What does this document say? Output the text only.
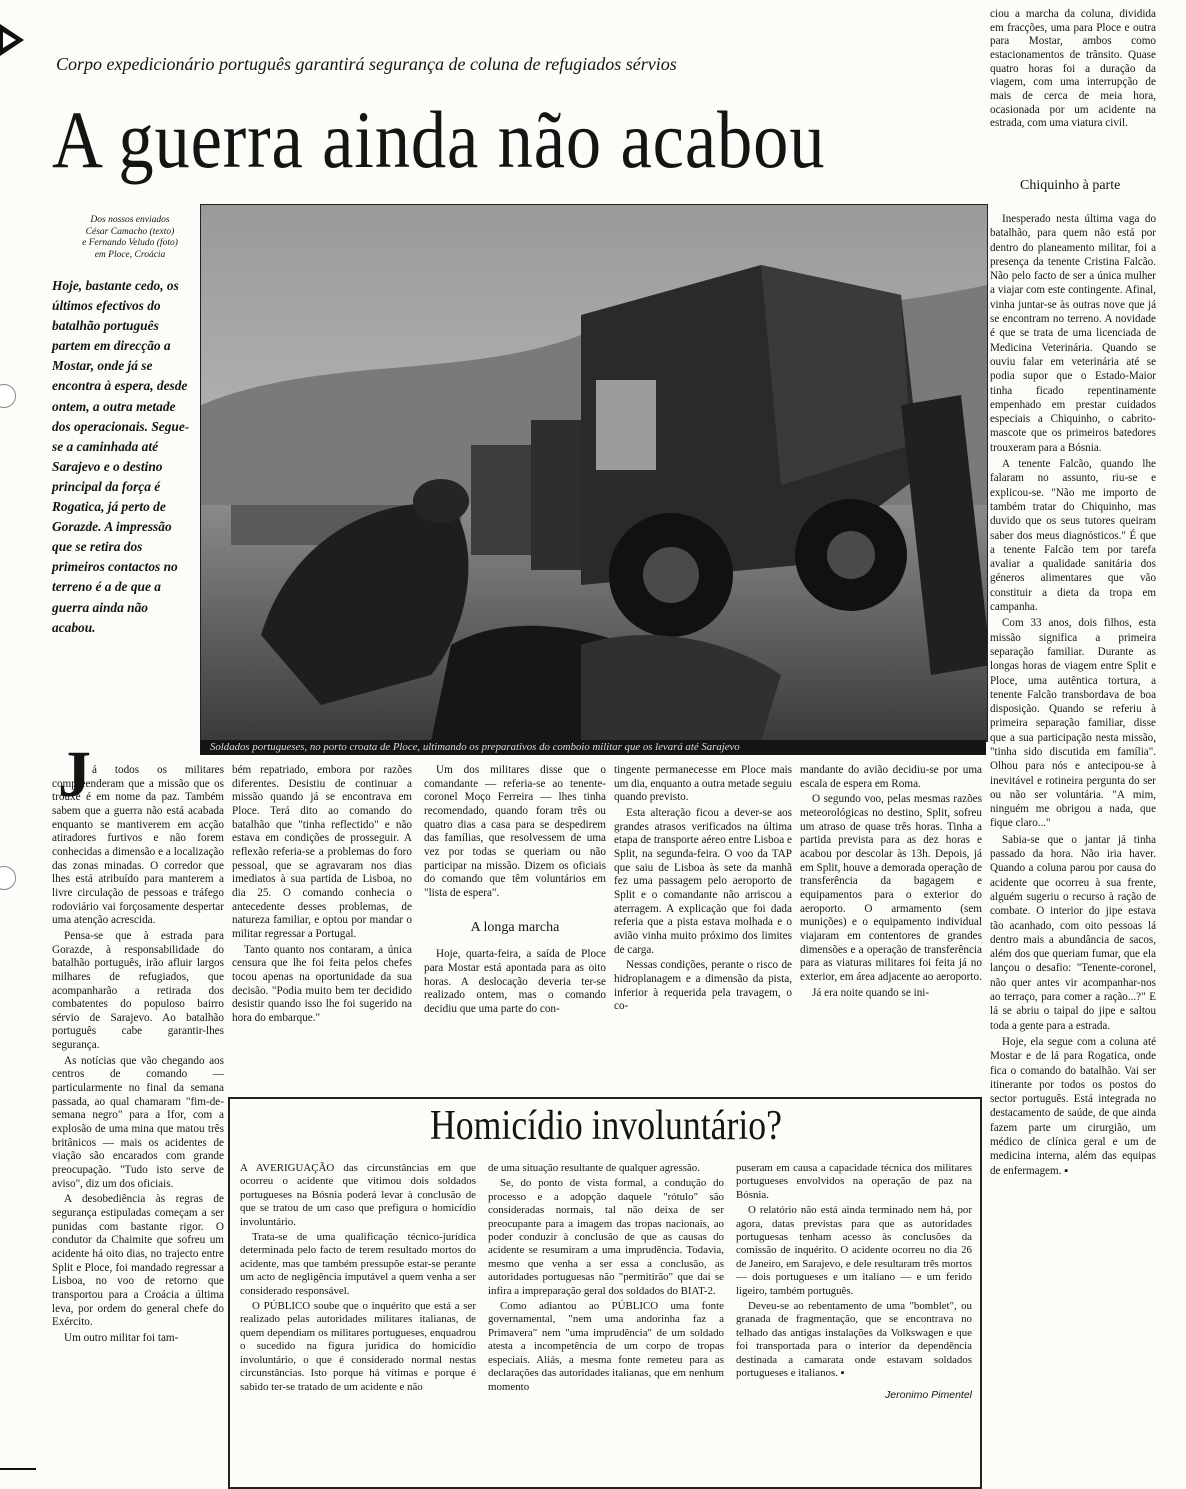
Corpo expedicionário português garantirá segurança de coluna de refugiados sérvios
A guerra ainda não acabou
Dos nossos enviados
César Camacho (texto)
e Fernando Veludo (foto)
em Ploce, Croácia
Hoje, bastante cedo, os últimos efectivos do batalhão português partem em direcção a Mostar, onde já se encontra à espera, desde ontem, a outra metade dos operacionais. Segue-se a caminhada até Sarajevo e o destino principal da força é Rogatica, já perto de Gorazde. A impressão que se retira dos primeiros contactos no terreno é a de que a guerra ainda não acabou.
Soldados portugueses, no porto croata de Ploce, ultimando os preparativos do comboio militar que os levará até Sarajevo
J á todos os militares compreenderam que a missão que os trouxe é em nome da paz. Também sabem que a guerra não está acabada enquanto se mantiverem em acção atiradores furtivos e não forem conhecidas a dimensão e a localização das zonas minadas. O corredor que lhes está atribuído para manterem a livre circulação de pessoas e tráfego rodoviário vai forçosamente despertar uma atenção acrescida.

Pensa-se que à estrada para Gorazde, à responsabilidade do batalhão português, irão afluir largos milhares de refugiados, que acompanharão a retirada dos combatentes do populoso bairro sérvio de Sarajevo. Ao batalhão português cabe garantir-lhes segurança.

As notícias que vão chegando aos centros de comando —particularmente no final da semana passada, ao qual chamaram "fim-de-semana negro" para a Ifor, com a explosão de uma mina que matou três britânicos — mais os acidentes de viação são encarados com grande preocupação. "Tudo isto serve de aviso", diz um dos oficiais.

A desobediência às regras de segurança estipuladas começam a ser punidas com bastante rigor. O condutor da Chaimite que sofreu um acidente há oito dias, no trajecto entre Split e Ploce, foi mandado regressar a Lisboa, no voo de retorno que transportou para a Croácia a última leva, por ordem do general chefe do Exército.

Um outro militar foi tam-

bém repatriado, embora por razões diferentes. Desistiu de continuar a missão quando já se encontrava em Ploce. Terá dito ao comando do batalhão que "tinha reflectido" e não estava em condições de prosseguir. A reflexão referia-se a problemas do foro pessoal, que se agravaram nos dias imediatos à sua partida de Lisboa, no dia 25. O comando conhecia o antecedente desses problemas, de natureza familiar, e optou por mandar o militar regressar a Portugal.

Tanto quanto nos contaram, a única censura que lhe foi feita pelos chefes tocou apenas na oportunidade da sua decisão. "Podia muito bem ter decidido desistir quando isso lhe foi sugerido na hora do embarque."

Um dos militares disse que o comandante — referia-se ao tenente-coronel Moço Ferreira — lhes tinha recomendado, quando foram três ou quatro dias a casa para se despedirem das famílias, que resolvessem de uma vez por todas se queriam ou não participar na missão. Dizem os oficiais do comando que têm voluntários em "lista de espera".

A longa marcha

Hoje, quarta-feira, a saída de Ploce para Mostar está apontada para as oito horas. A deslocação deveria ter-se realizado ontem, mas o comando decidiu que uma parte do con-

tingente permanecesse em Ploce mais um dia, enquanto a outra metade seguiu quando previsto.

Esta alteração ficou a dever-se aos grandes atrasos verificados na última etapa de transporte aéreo entre Lisboa e Split, na segunda-feira. O voo da TAP que saiu de Lisboa às sete da manhã fez uma passagem pelo aeroporto de Split e o comandante não arriscou a aterragem. A explicação que foi dada referia que a pista estava molhada e o avião vinha muito próximo dos limites de carga.

Nessas condições, perante o risco de hidroplanagem e a dimensão da pista, inferior à requerida pela travagem, o co-

mandante do avião decidiu-se por uma escala de espera em Roma.

O segundo voo, pelas mesmas razões meteorológicas no destino, Split, sofreu um atraso de quase três horas. Tinha a partida prevista para as dez horas e acabou por descolar às 13h. Depois, já em Split, houve a demorada operação de transferência da bagagem e equipamentos para o exterior do aeroporto. O armamento (sem munições) e o equipamento individual viajaram em contentores de grandes dimensões e a operação de transferência para as viaturas militares foi feita já no exterior, em área adjacente ao aeroporto.

Já era noite quando se ini-

ciou a marcha da coluna, dividida em fracções, uma para Ploce e outra para Mostar, ambos como estacionamentos de trânsito. Quase quatro horas foi a duração da viagem, com uma interrupção de mais de cerca de meia hora, ocasionada por um acidente na estrada, com uma viatura civil.

Chiquinho à parte

Inesperado nesta última vaga do batalhão, para quem não está por dentro do planeamento militar, foi a presença da tenente Cristina Falcão. Não pelo facto de ser a única mulher a viajar com este contingente. Afinal, vinha juntar-se às outras nove que já se encontram no terreno. A novidade é que se trata de uma licenciada de Medicina Veterinária. Quando se ouviu falar em veterinária até se podia supor que o Estado-Maior tinha ficado repentinamente empenhado em prestar cuidados especiais a Chiquinho, o cabrito-mascote que os primeiros batedores trouxeram para a Bósnia.

A tenente Falcão, quando lhe falaram no assunto, riu-se e explicou-se. "Não me importo de também tratar do Chiquinho, mas duvido que os seus tutores queiram saber dos meus diagnósticos." É que a tenente Falcão tem por tarefa avaliar a qualidade sanitária dos géneros alimentares que vão constituir a dieta da tropa em campanha.

Com 33 anos, dois filhos, esta missão significa a primeira separação familiar. Durante as longas horas de viagem entre Split e Ploce, uma autêntica tortura, a tenente Falcão transbordava de boa disposição. Quando se referiu à primeira separação familiar, disse que a sua participação nesta missão, "tinha sido discutida em família". Olhou para nós e antecipou-se à inevitável e rotineira pergunta do ser ou não ser voluntária. "A mim, ninguém me obrigou a nada, que fique claro..."

Sabia-se que o jantar já tinha passado da hora. Não iria haver. Quando a coluna parou por causa do acidente que ocorreu à sua frente, alguém sugeriu o recurso à ração de combate. O interior do jipe estava tão acanhado, com oito pessoas lá dentro mais a abundância de sacos, além dos que queriam fumar, que ela lançou o desafio: "Tenente-coronel, não quer antes vir acompanhar-nos ao terraço, para comer a ração...?" E lá se abriu o taipal do jipe e saltou toda a gente para a estrada.

Hoje, ela segue com a coluna até Mostar e de lá para Rogatica, onde fica o comando do batalhão. Vai ser itinerante por todos os postos do sector português. Está integrada no destacamento de saúde, de que ainda fazem parte um cirurgião, um médico de clínica geral e um de medicina interna, além das equipas de enfermagem. ▪

Homicídio involuntário?

A AVERIGUAÇÃO das circunstâncias em que ocorreu o acidente que vitimou dois soldados portugueses na Bósnia poderá levar à conclusão de que se tratou de um caso que prefigura o homicídio involuntário.

Trata-se de uma qualificação técnico-jurídica determinada pelo facto de terem resultado mortos do acidente, mas que também pressupõe estar-se perante um acto de negligência imputável a quem venha a ser considerado responsável.

O PÚBLICO soube que o inquérito que está a ser realizado pelas autoridades militares italianas, de quem dependiam os militares portugueses, enquadrou o sucedido na figura jurídica do homicídio involuntário, o que é considerado normal nestas circunstâncias. Isto porque há vítimas e porque é sabido ter-se tratado de um acidente e não

de uma situação resultante de qualquer agressão.

Se, do ponto de vista formal, a condução do processo e a adopção daquele "rótulo" são consideradas normais, tal não deixa de ser preocupante para a imagem das tropas nacionais, ao poder conduzir à conclusão de que as causas do acidente se resumiram a uma imprudência. Todavia, mesmo que venha a ser essa a conclusão, as autoridades portuguesas não "permitirão" que daí se infira a impreparação geral dos soldados do BIAT-2.

Como adiantou ao PÚBLICO uma fonte governamental, "nem uma andorinha faz a Primavera" nem "uma imprudência" de um soldado atesta a incompetência de um corpo de tropas especiais. Aliás, a mesma fonte remeteu para as declarações das autoridades italianas, que em nenhum momento

puseram em causa a capacidade técnica dos militares portugueses envolvidos na operação de paz na Bósnia.

O relatório não está ainda terminado nem há, por agora, datas previstas para que as autoridades portuguesas tenham acesso às conclusões da comissão de inquérito. O acidente ocorreu no dia 26 de Janeiro, em Sarajevo, e dele resultaram três mortos — dois portugueses e um italiano — e um ferido ligeiro, também português.

Deveu-se ao rebentamento de uma "bomblet", ou granada de fragmentação, que se encontrava no telhado das antigas instalações da Volkswagen e que foi transportada para o interior da dependência destinada a camarata onde estavam soldados portugueses e italianos. ▪

Jeronimo Pimentel
